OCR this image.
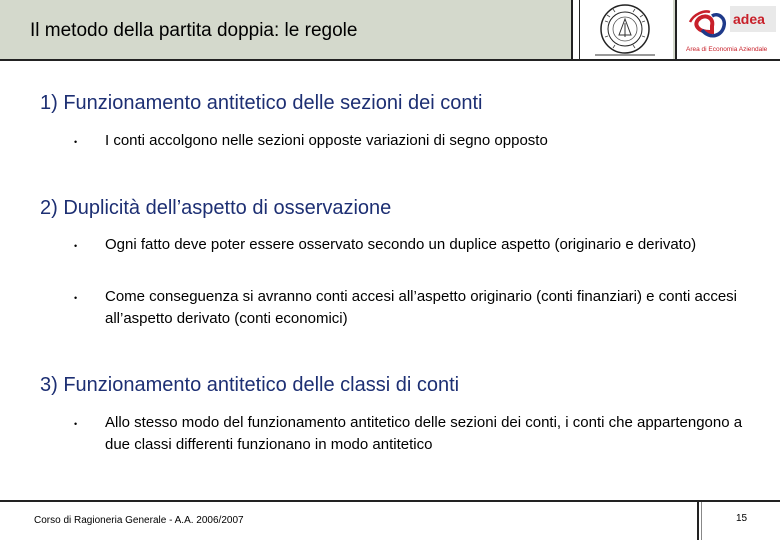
Il metodo della partita doppia: le regole
adea
Area di Economia Aziendale
1) Funzionamento antitetico delle sezioni dei conti
• I conti accolgono nelle sezioni opposte variazioni di segno opposto
2) Duplicità dell’aspetto di osservazione
• Ogni fatto deve poter essere osservato secondo un duplice aspetto (originario e derivato)
• Come conseguenza si avranno conti accesi all’aspetto originario (conti finanziari) e conti accesi all’aspetto derivato (conti economici)
3) Funzionamento antitetico delle classi di conti
• Allo stesso modo del funzionamento antitetico delle sezioni dei conti, i conti che appartengono a due classi differenti funzionano in modo antitetico
Corso di Ragioneria Generale - A.A. 2006/2007	15
